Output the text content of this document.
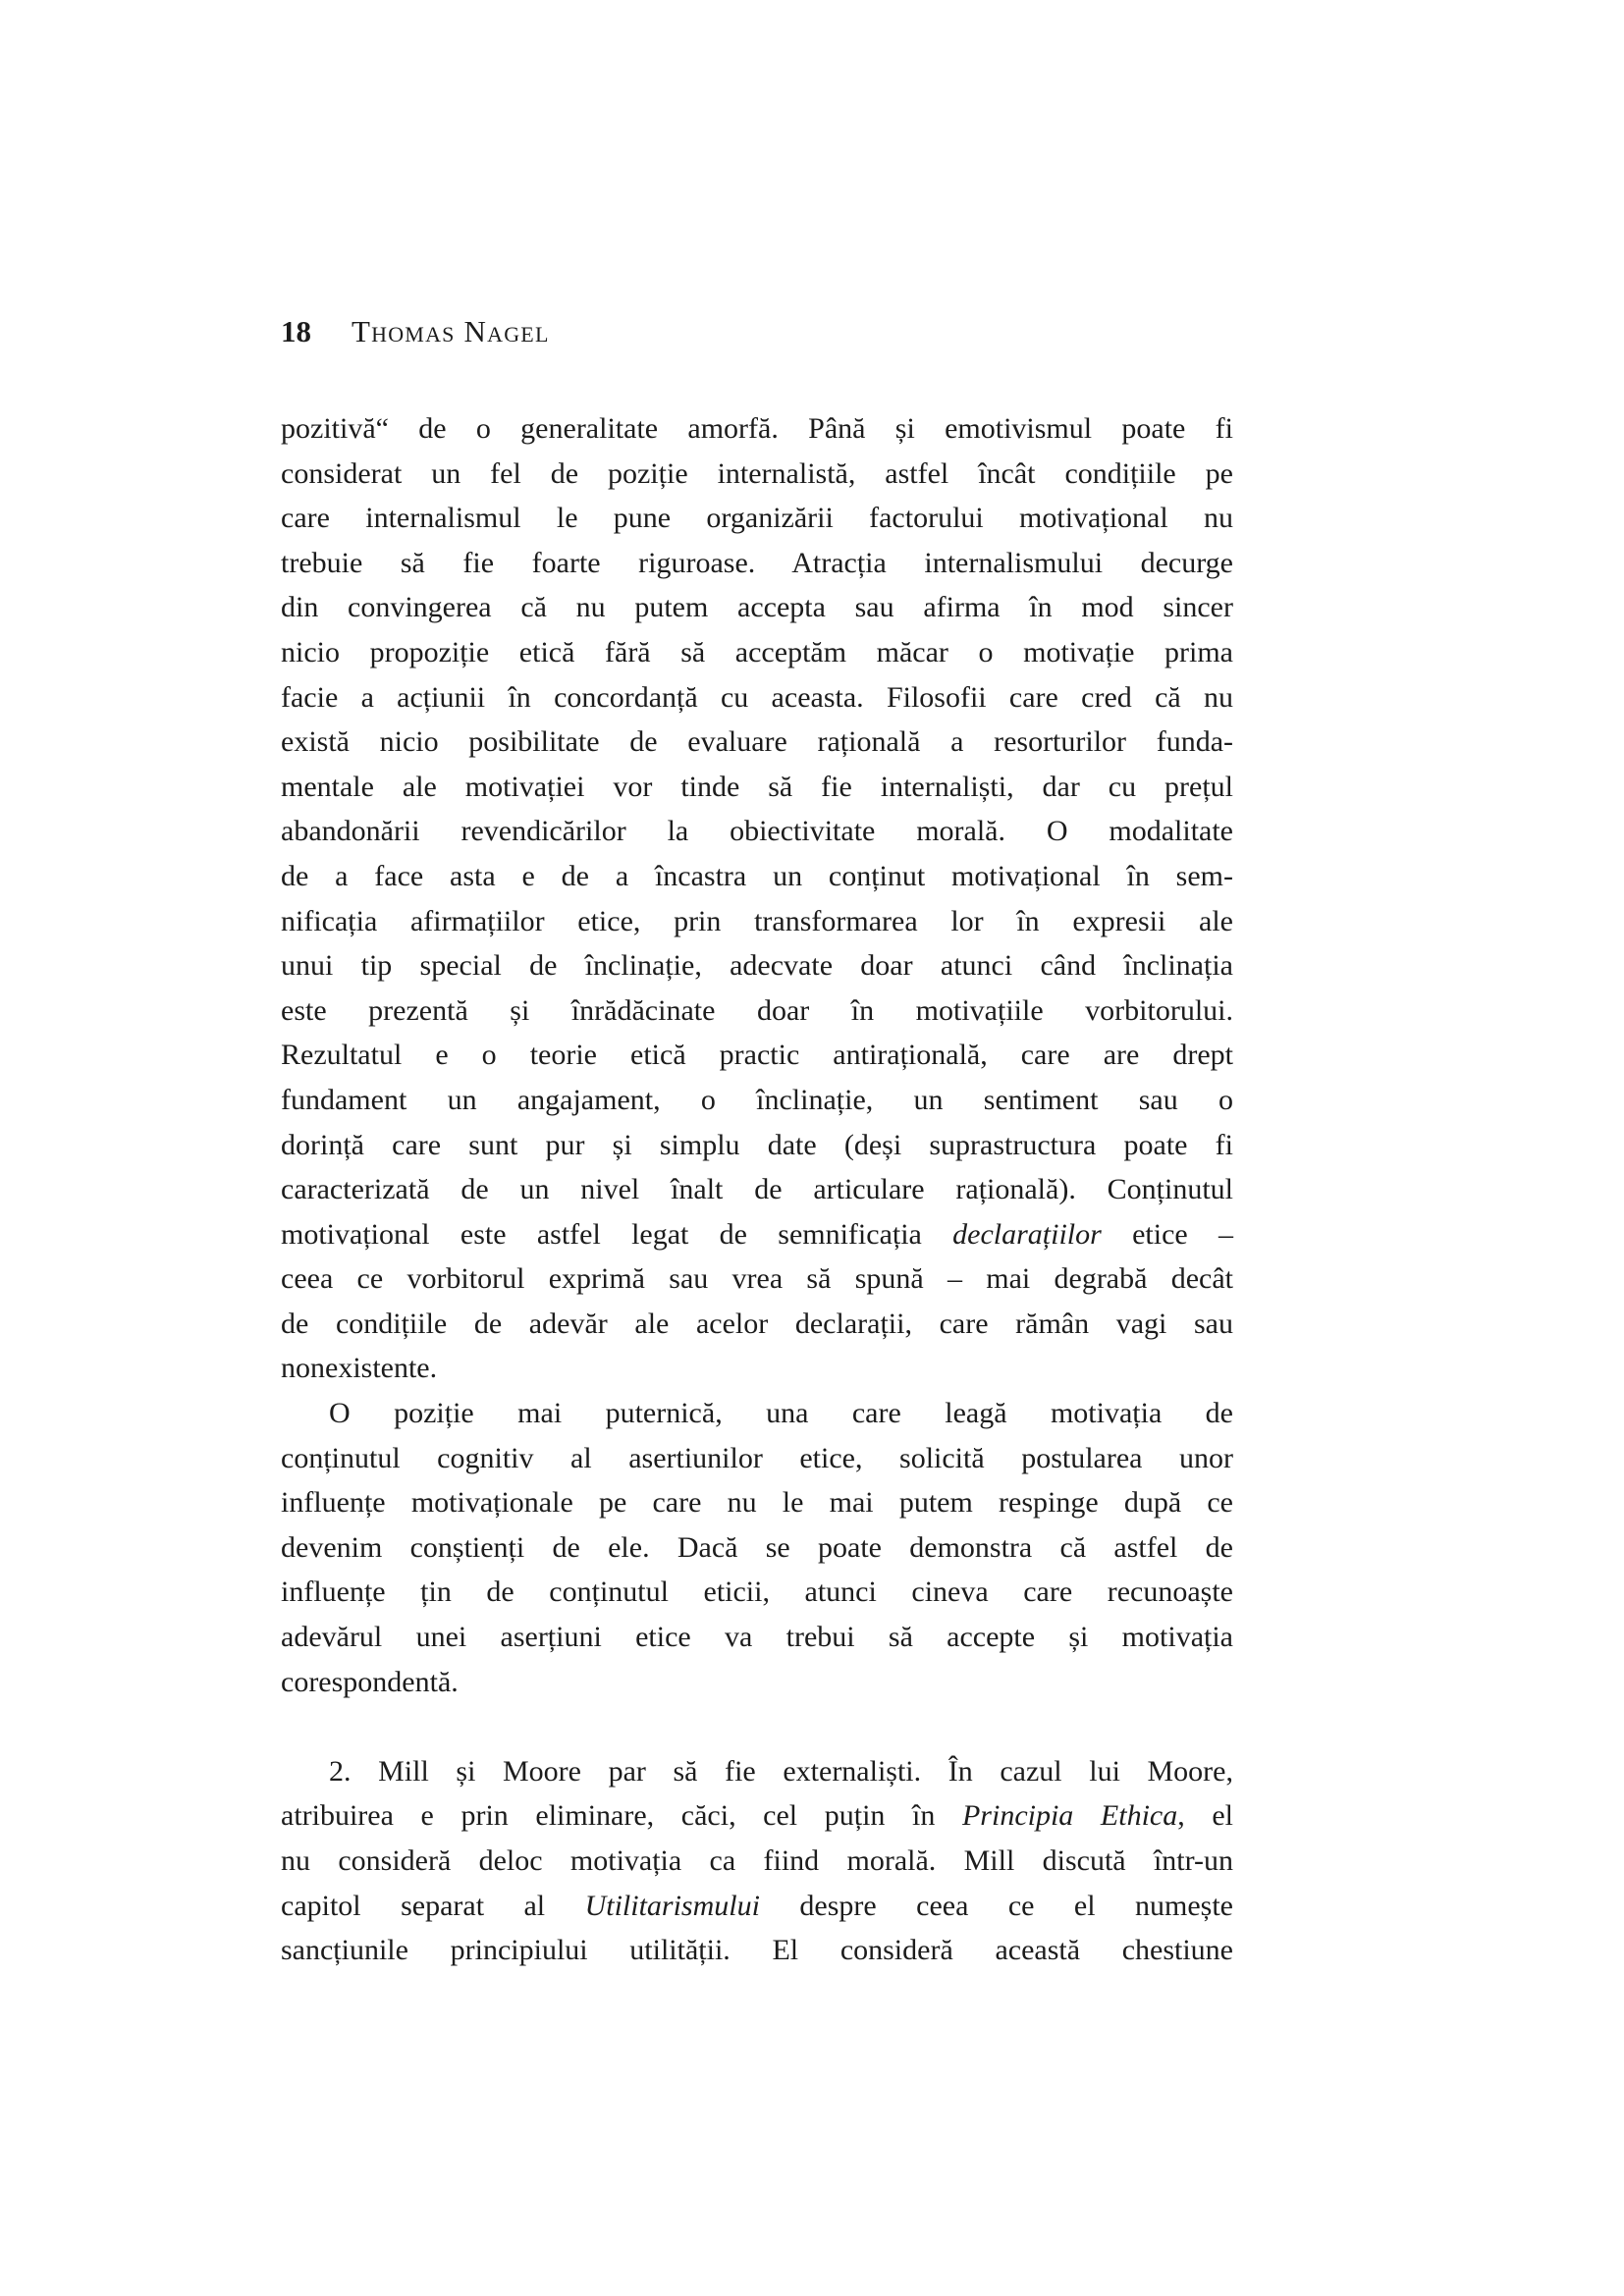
18 Thomas Nagel
pozitivă“ de o generalitate amorfă. Până și emotivismul poate fi
considerat un fel de poziție internalistă, astfel încât condițiile pe
care internalismul le pune organizării factorului motivațional nu
trebuie să fie foarte riguroase. Atracția internalismului decurge
din convingerea că nu putem accepta sau afirma în mod sincer
nicio propoziție etică fără să acceptăm măcar o motivație prima
facie a acțiunii în concordanță cu aceasta. Filosofii care cred că nu
există nicio posibilitate de evaluare rațională a resorturilor funda-
mentale ale motivației vor tinde să fie internaliști, dar cu prețul
abandonării revendicărilor la obiectivitate morală. O modalitate
de a face asta e de a încastra un conținut motivațional în sem-
nificația afirmațiilor etice, prin transformarea lor în expresii ale
unui tip special de înclinație, adecvate doar atunci când înclinația
este prezentă și înrădăcinate doar în motivațiile vorbitorului.
Rezultatul e o teorie etică practic antirațională, care are drept
fundament un angajament, o înclinație, un sentiment sau o
dorință care sunt pur și simplu date (deși suprastructura poate fi
caracterizată de un nivel înalt de articulare rațională). Conținutul
motivațional este astfel legat de semnificația declarațiilor etice –
ceea ce vorbitorul exprimă sau vrea să spună – mai degrabă decât
de condițiile de adevăr ale acelor declarații, care rămân vagi sau
nonexistente.
O poziție mai puternică, una care leagă motivația de
conținutul cognitiv al asertiunilor etice, solicită postularea unor
influențe motivaționale pe care nu le mai putem respinge după ce
devenim conștienți de ele. Dacă se poate demonstra că astfel de
influențe țin de conținutul eticii, atunci cineva care recunoaște
adevărul unei aserțiuni etice va trebui să accepte și motivația
corespondentă.
2. Mill și Moore par să fie externaliști. În cazul lui Moore,
atribuirea e prin eliminare, căci, cel puțin în Principia Ethica, el
nu consideră deloc motivația ca fiind morală. Mill discută într-un
capitol separat al Utilitarismului despre ceea ce el numește
sancțiunile principiului utilității. El consideră această chestiune
